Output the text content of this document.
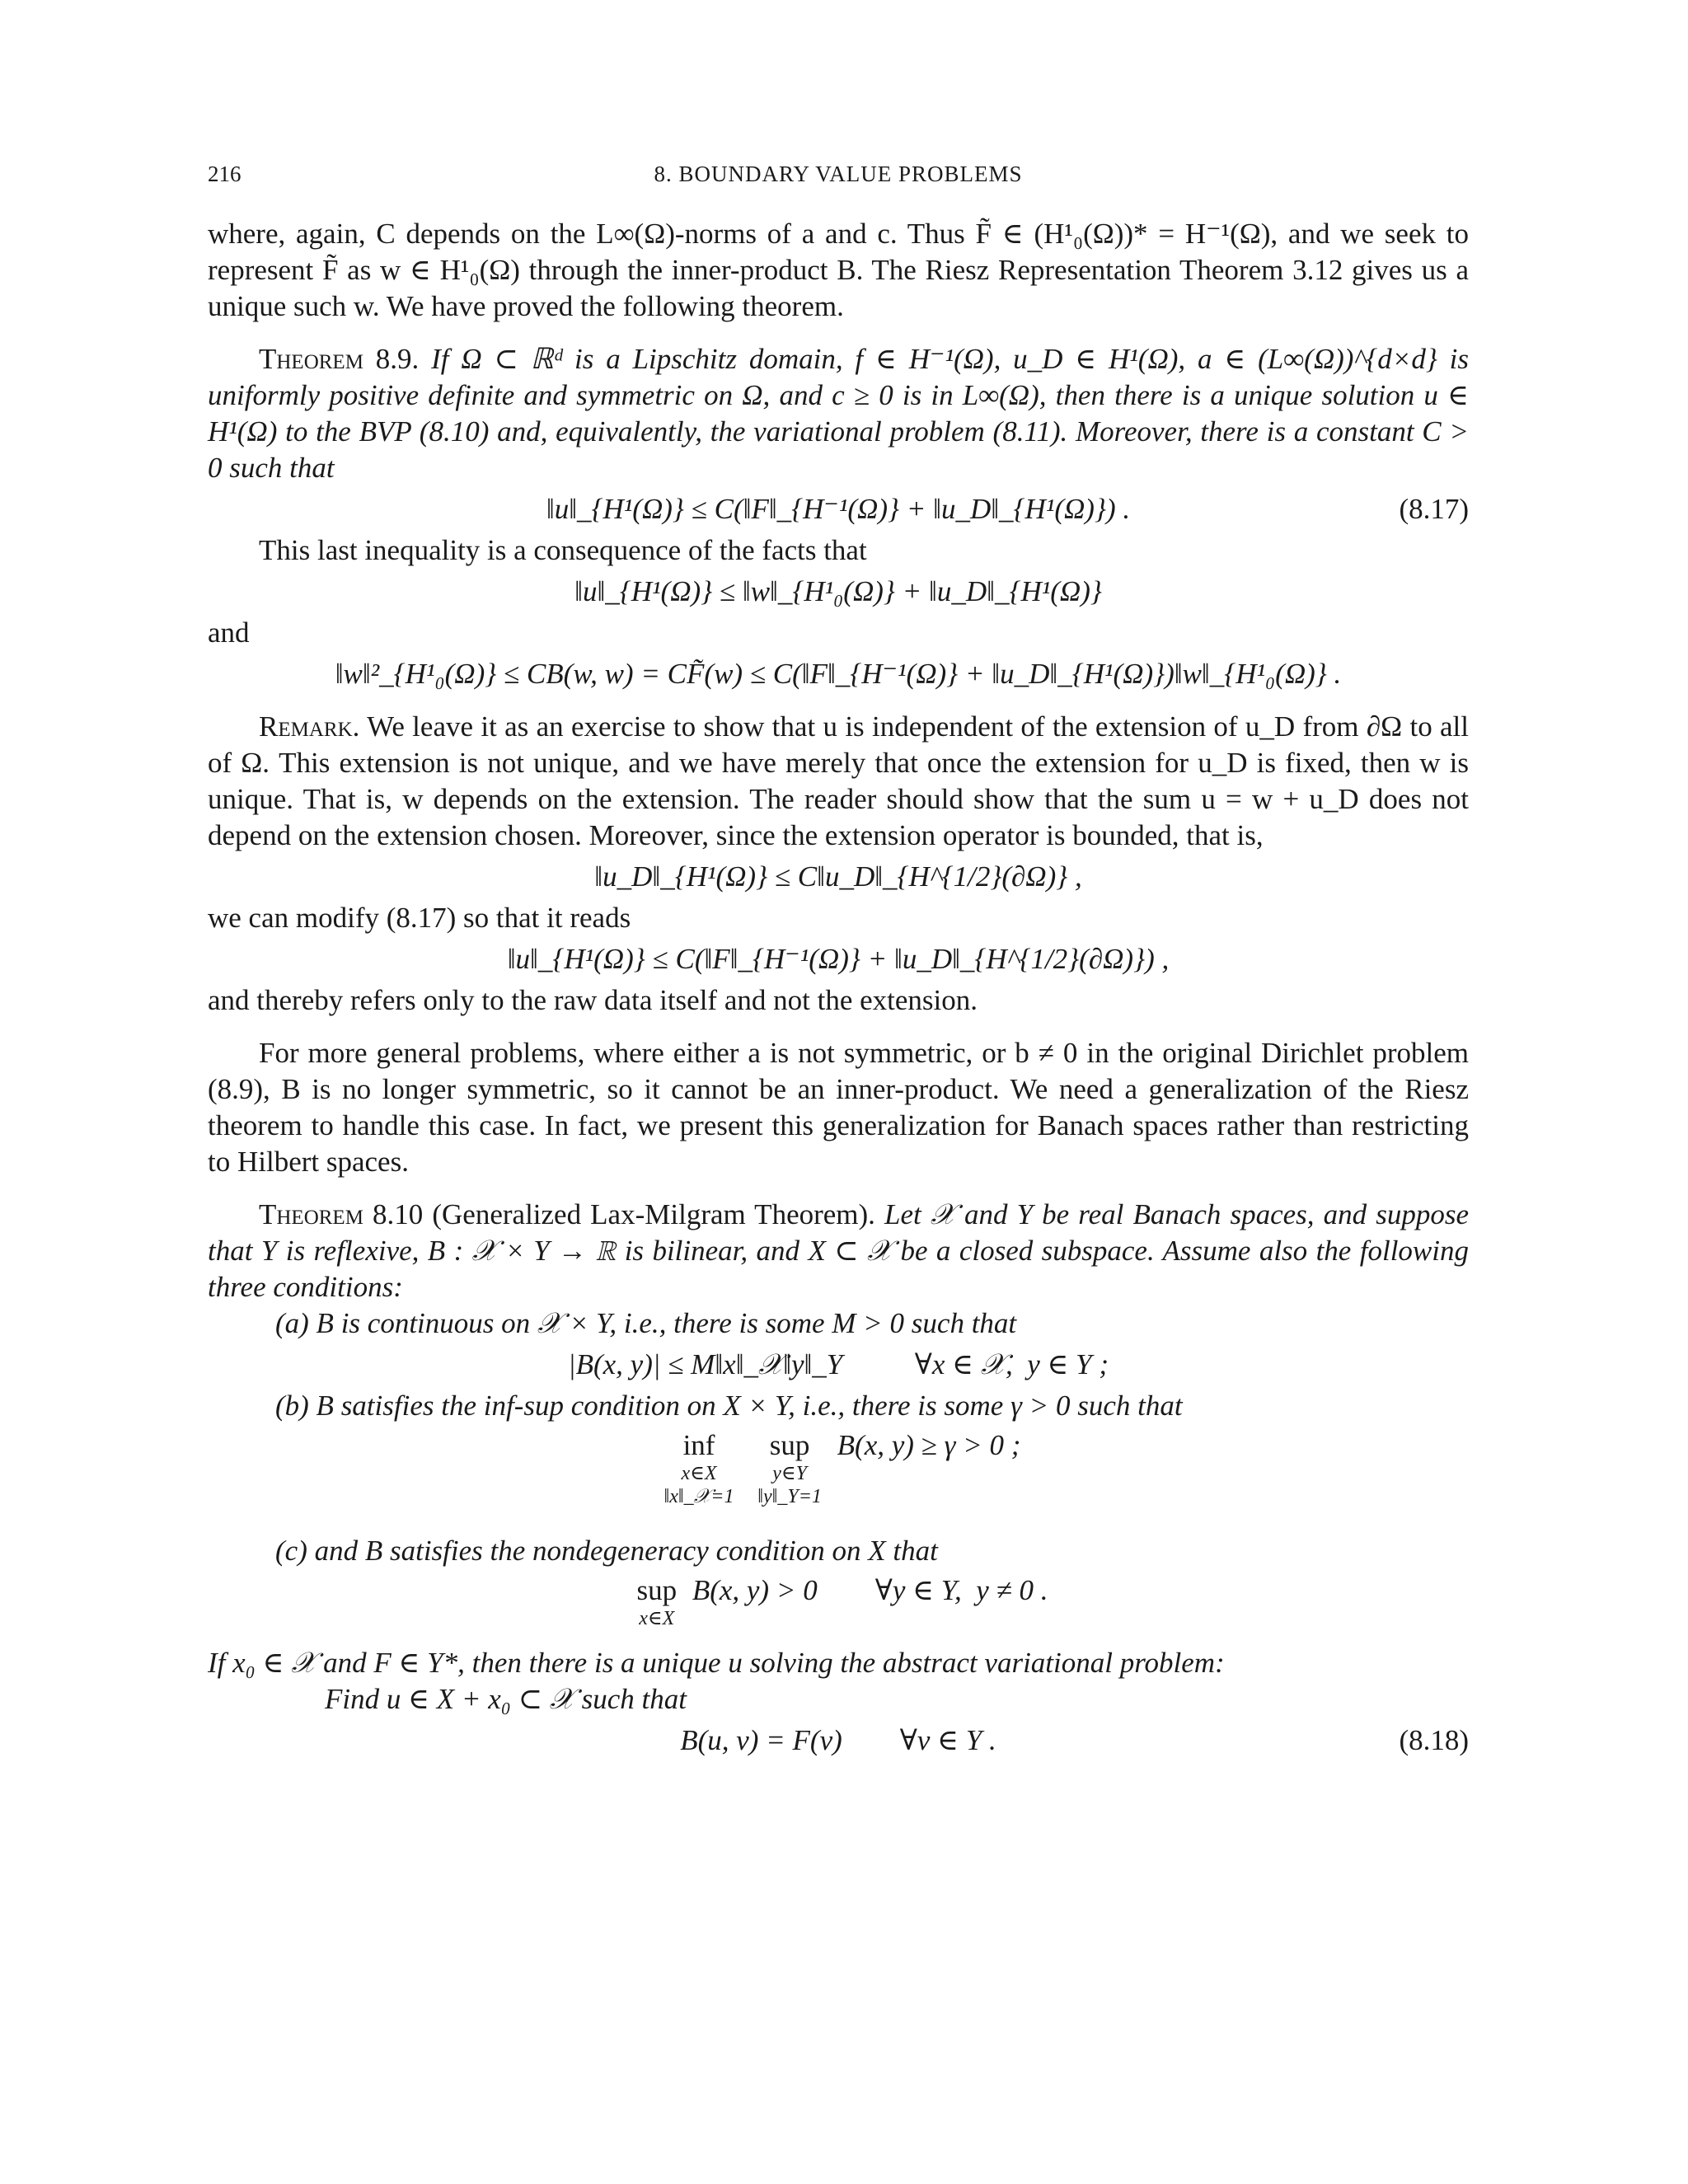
216	8. BOUNDARY VALUE PROBLEMS

where, again, C depends on the L∞(Ω)-norms of a and c. Thus F̃ ∈ (H¹₀(Ω))* = H⁻¹(Ω), and we seek to represent F̃ as w ∈ H¹₀(Ω) through the inner-product B. The Riesz Representation Theorem 3.12 gives us a unique such w. We have proved the following theorem.

Theorem 8.9. If Ω ⊂ ℝᵈ is a Lipschitz domain, f ∈ H⁻¹(Ω), u_D ∈ H¹(Ω), a ∈ (L∞(Ω))^{d×d} is uniformly positive definite and symmetric on Ω, and c ≥ 0 is in L∞(Ω), then there is a unique solution u ∈ H¹(Ω) to the BVP (8.10) and, equivalently, the variational problem (8.11). Moreover, there is a constant C > 0 such that

‖u‖_{H¹(Ω)} ≤ C(‖F‖_{H⁻¹(Ω)} + ‖u_D‖_{H¹(Ω)}) .	(8.17)

This last inequality is a consequence of the facts that

‖u‖_{H¹(Ω)} ≤ ‖w‖_{H¹₀(Ω)} + ‖u_D‖_{H¹(Ω)}

and

‖w‖²_{H¹₀(Ω)} ≤ CB(w, w) = CF̃(w) ≤ C(‖F‖_{H⁻¹(Ω)} + ‖u_D‖_{H¹(Ω)})‖w‖_{H¹₀(Ω)} .

Remark. We leave it as an exercise to show that u is independent of the extension of u_D from ∂Ω to all of Ω. This extension is not unique, and we have merely that once the extension for u_D is fixed, then w is unique. That is, w depends on the extension. The reader should show that the sum u = w + u_D does not depend on the extension chosen. Moreover, since the extension operator is bounded, that is,

‖u_D‖_{H¹(Ω)} ≤ C‖u_D‖_{H^{1/2}(∂Ω)} ,

we can modify (8.17) so that it reads

‖u‖_{H¹(Ω)} ≤ C(‖F‖_{H⁻¹(Ω)} + ‖u_D‖_{H^{1/2}(∂Ω)}) ,

and thereby refers only to the raw data itself and not the extension.

For more general problems, where either a is not symmetric, or b ≠ 0 in the original Dirichlet problem (8.9), B is no longer symmetric, so it cannot be an inner-product. We need a generalization of the Riesz theorem to handle this case. In fact, we present this generalization for Banach spaces rather than restricting to Hilbert spaces.

Theorem 8.10 (Generalized Lax-Milgram Theorem). Let 𝒳 and Y be real Banach spaces, and suppose that Y is reflexive, B : 𝒳 × Y → ℝ is bilinear, and X ⊂ 𝒳 be a closed subspace. Assume also the following three conditions:

(a) B is continuous on 𝒳 × Y, i.e., there is some M > 0 such that

|B(x, y)| ≤ M‖x‖_𝒳‖y‖_Y          ∀x ∈ 𝒳,  y ∈ Y ;

(b) B satisfies the inf-sup condition on X × Y, i.e., there is some γ > 0 such that

inf
x∈X
‖x‖_𝒳=1

sup
y∈Y
‖y‖_Y=1
B(x, y) ≥ γ > 0 ;

(c) and B satisfies the nondegeneracy condition on X that

sup
x∈X
B(x, y) > 0        ∀y ∈ Y,  y ≠ 0 .

If x₀ ∈ 𝒳 and F ∈ Y*, then there is a unique u solving the abstract variational problem:

Find u ∈ X + x₀ ⊂ 𝒳 such that

B(u, v) = F(v)        ∀v ∈ Y .	(8.18)
